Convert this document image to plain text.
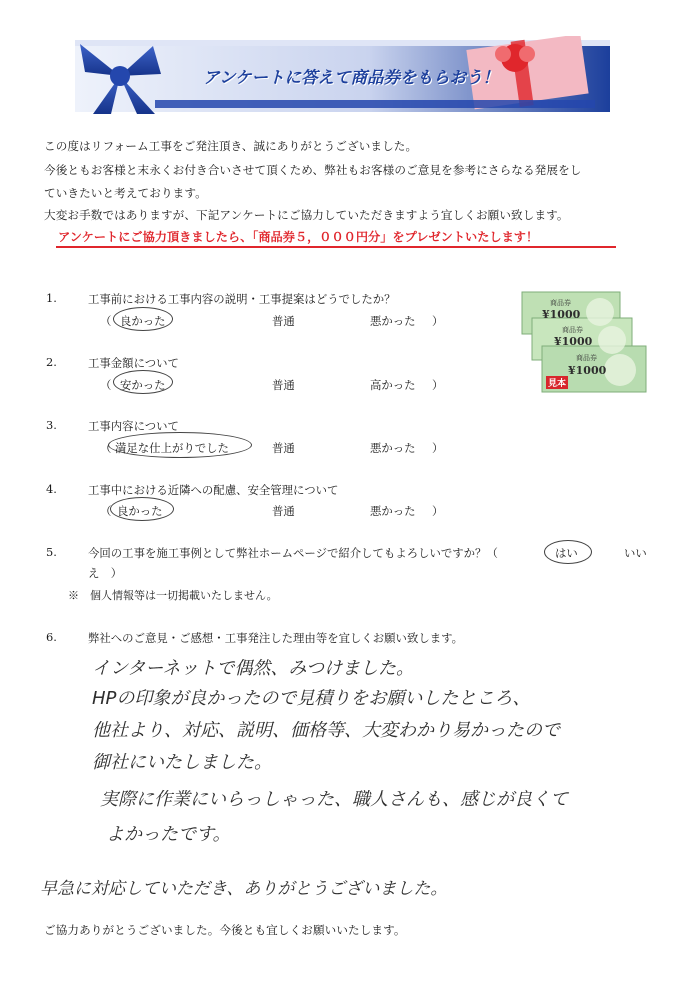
アンケートに答えて商品券をもらおう！
この度はリフォーム工事をご発注頂き、誠にありがとうございました。
今後ともお客様と末永くお付き合いさせて頂くため、弊社もお客様のご意見を参考にさらなる発展をし
ていきたいと考えております。
大変お手数ではありますが、下記アンケートにご協力していただきますよう宜しくお願い致します。
アンケートにご協力頂きましたら、「商品券５，０００円分」をプレゼントいたします！
¥1000
商品券
¥1000
商品券
¥1000
商品券
見本
1.	工事前における工事内容の説明・工事提案はどうでしたか？
（ 良かった	普通	悪かった ）
2.	工事金額について
（ 安かった	普通	高かった ）
3.	工事内容について
（ 満足な仕上がりでした	普通	悪かった ）
4.	工事中における近隣への配慮、安全管理について
（ 良かった	普通	悪かった ）
5.	今回の工事を施工事例として弊社ホームページで紹介してもよろしいですか？（	はい	いい
え　）
※　個人情報等は一切掲載いたしません。
6.	弊社へのご意見・ご感想・工事発注した理由等を宜しくお願い致します。
インターネットで偶然、みつけました。
HPの印象が良かったので見積りをお願いしたところ、
他社より、対応、説明、価格等、大変わかり易かったので
御社にいたしました。
実際に作業にいらっしゃった、職人さんも、感じが良くて
よかったです。
早急に対応していただき、ありがとうございました。
ご協力ありがとうございました。今後とも宜しくお願いいたします。
